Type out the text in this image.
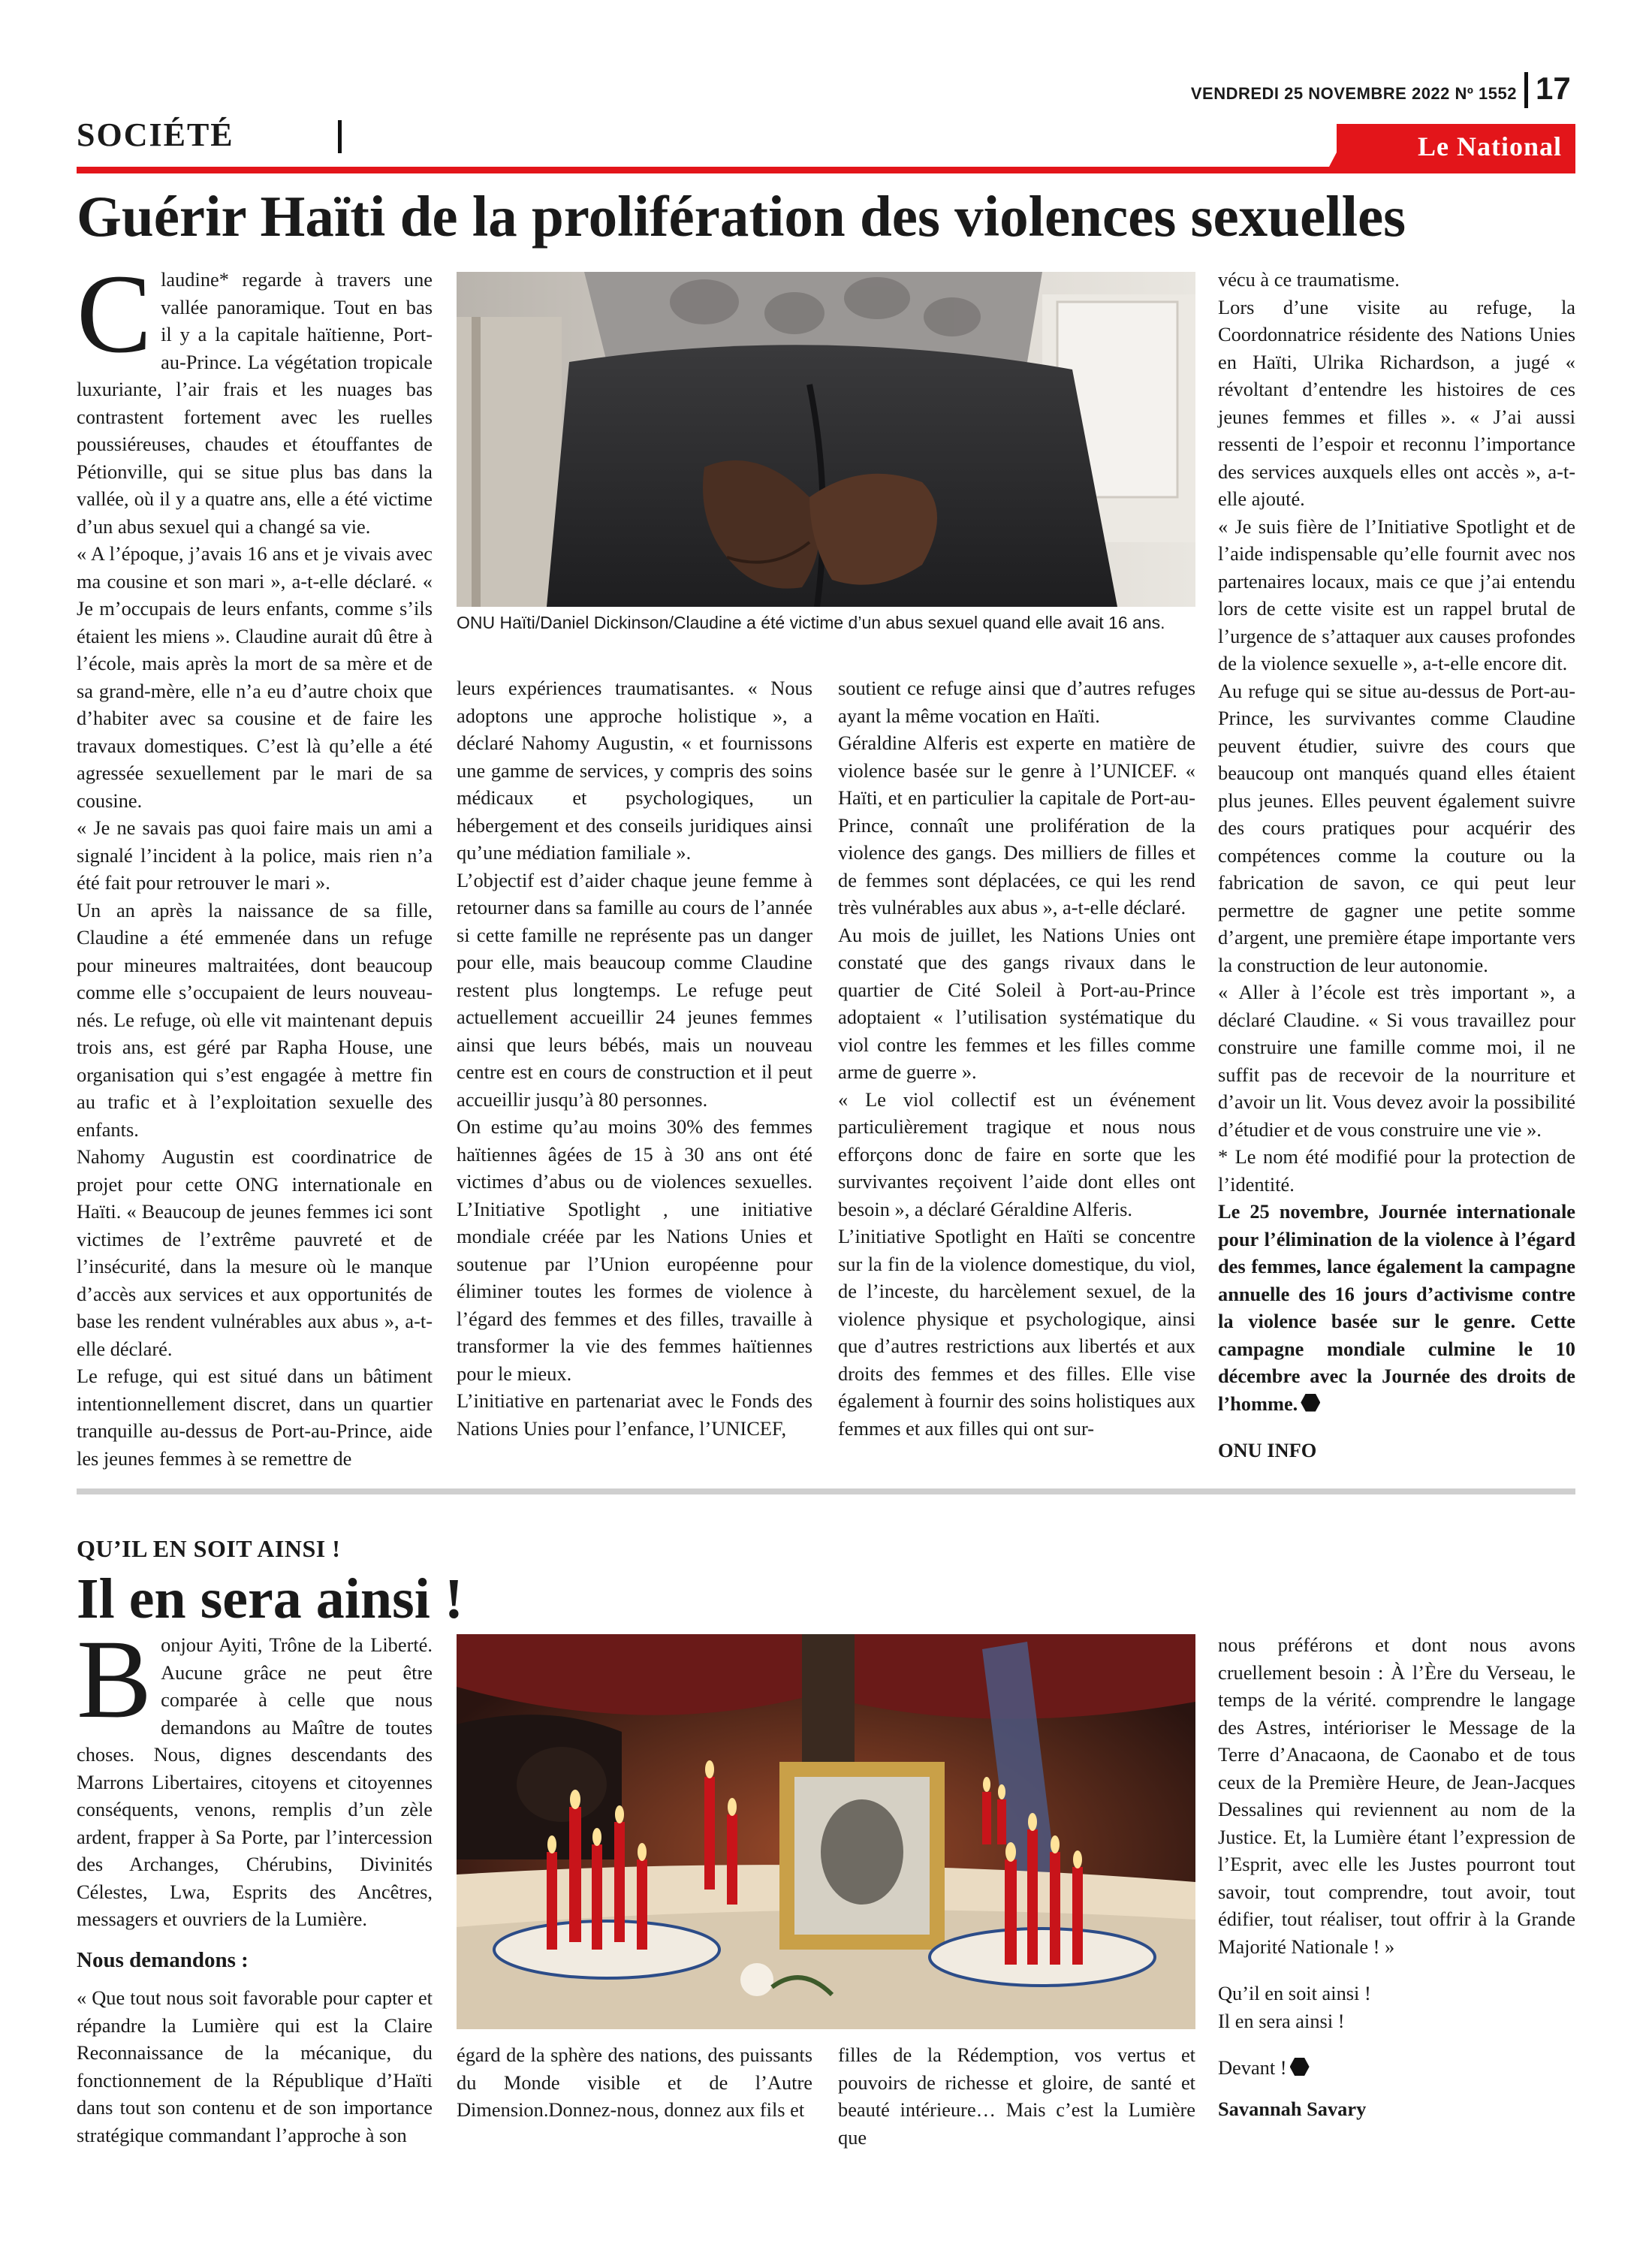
VENDREDI 25 NOVEMBRE 2022 Nº 1552 17
SOCIÉTÉ	Le National
Guérir Haïti de la prolifération des violences sexuelles
C laudine* regarde à travers une vallée panoramique. Tout en bas il y a la capitale haïtienne, Port-au-Prince. La végétation tropicale luxuriante, l’air frais et les nuages bas contrastent fortement avec les ruelles poussiéreuses, chaudes et étouffantes de Pétionville, qui se situe plus bas dans la vallée, où il y a quatre ans, elle a été victime d’un abus sexuel qui a changé sa vie.

« A l’époque, j’avais 16 ans et je vivais avec ma cousine et son mari », a-t-elle déclaré. « Je m’occupais de leurs enfants, comme s’ils étaient les miens ». Claudine aurait dû être à l’école, mais après la mort de sa mère et de sa grand-mère, elle n’a eu d’autre choix que d’habiter avec sa cousine et de faire les travaux domestiques. C’est là qu’elle a été agressée sexuellement par le mari de sa cousine.

« Je ne savais pas quoi faire mais un ami a signalé l’incident à la police, mais rien n’a été fait pour retrouver le mari ».

Un an après la naissance de sa fille, Claudine a été emmenée dans un refuge pour mineures maltraitées, dont beaucoup comme elle s’occupaient de leurs nouveau-nés. Le refuge, où elle vit maintenant depuis trois ans, est géré par Rapha House, une organisation qui s’est engagée à mettre fin au trafic et à l’exploitation sexuelle des enfants.

Nahomy Augustin est coordinatrice de projet pour cette ONG internationale en Haïti. « Beaucoup de jeunes femmes ici sont victimes de l’extrême pauvreté et de l’insécurité, dans la mesure où le manque d’accès aux services et aux opportunités de base les rendent vulnérables aux abus », a-t-elle déclaré.

Le refuge, qui est situé dans un bâtiment intentionnellement discret, dans un quartier tranquille au-dessus de Port-au-Prince, aide les jeunes femmes à se remettre de

ONU Haïti/Daniel Dickinson/Claudine a été victime d’un abus sexuel quand elle avait 16 ans.

leurs expériences traumatisantes. « Nous adoptons une approche holistique », a déclaré Nahomy Augustin, « et fournissons une gamme de services, y compris des soins médicaux et psychologiques, un hébergement et des conseils juridiques ainsi qu’une médiation familiale ».

L’objectif est d’aider chaque jeune femme à retourner dans sa famille au cours de l’année si cette famille ne représente pas un danger pour elle, mais beaucoup comme Claudine restent plus longtemps. Le refuge peut actuellement accueillir 24 jeunes femmes ainsi que leurs bébés, mais un nouveau centre est en cours de construction et il peut accueillir jusqu’à 80 personnes.

On estime qu’au moins 30% des femmes haïtiennes âgées de 15 à 30 ans ont été victimes d’abus ou de violences sexuelles. L’Initiative Spotlight , une initiative mondiale créée par les Nations Unies et soutenue par l’Union européenne pour éliminer toutes les formes de violence à l’égard des femmes et des filles, travaille à transformer la vie des femmes haïtiennes pour le mieux.

L’initiative en partenariat avec le Fonds des Nations Unies pour l’enfance, l’UNICEF,

soutient ce refuge ainsi que d’autres refuges ayant la même vocation en Haïti.

Géraldine Alferis est experte en matière de violence basée sur le genre à l’UNICEF. « Haïti, et en particulier la capitale de Port-au-Prince, connaît une prolifération de la violence des gangs. Des milliers de filles et de femmes sont déplacées, ce qui les rend très vulnérables aux abus », a-t-elle déclaré.

Au mois de juillet, les Nations Unies ont constaté que des gangs rivaux dans le quartier de Cité Soleil à Port-au-Prince adoptaient « l’utilisation systématique du viol contre les femmes et les filles comme arme de guerre ».

« Le viol collectif est un événement particulièrement tragique et nous nous efforçons donc de faire en sorte que les survivantes reçoivent l’aide dont elles ont besoin », a déclaré Géraldine Alferis.

L’initiative Spotlight en Haïti se concentre sur la fin de la violence domestique, du viol, de l’inceste, du harcèlement sexuel, de la violence physique et psychologique, ainsi que d’autres restrictions aux libertés et aux droits des femmes et des filles. Elle vise également à fournir des soins holistiques aux femmes et aux filles qui ont sur-

vécu à ce traumatisme.

Lors d’une visite au refuge, la Coordonnatrice résidente des Nations Unies en Haïti, Ulrika Richardson, a jugé « révoltant d’entendre les histoires de ces jeunes femmes et filles ». « J’ai aussi ressenti de l’espoir et reconnu l’importance des services auxquels elles ont accès », a-t-elle ajouté.

« Je suis fière de l’Initiative Spotlight et de l’aide indispensable qu’elle fournit avec nos partenaires locaux, mais ce que j’ai entendu lors de cette visite est un rappel brutal de l’urgence de s’attaquer aux causes profondes de la violence sexuelle », a-t-elle encore dit.

Au refuge qui se situe au-dessus de Port-au-Prince, les survivantes comme Claudine peuvent étudier, suivre des cours que beaucoup ont manqués quand elles étaient plus jeunes. Elles peuvent également suivre des cours pratiques pour acquérir des compétences comme la couture ou la fabrication de savon, ce qui peut leur permettre de gagner une petite somme d’argent, une première étape importante vers la construction de leur autonomie.

« Aller à l’école est très important », a déclaré Claudine. « Si vous travaillez pour construire une famille comme moi, il ne suffit pas de recevoir de la nourriture et d’avoir un lit. Vous devez avoir la possibilité d’étudier et de vous construire une vie ».

* Le nom été modifié pour la protection de l’identité.

Le 25 novembre, Journée internationale pour l’élimination de la violence à l’égard des femmes, lance également la campagne annuelle des 16 jours d’activisme contre la violence basée sur le genre. Cette campagne mondiale culmine le 10 décembre avec la Journée des droits de l’homme.

ONU INFO

QU’IL EN SOIT AINSI !
Il en sera ainsi !
B onjour Ayiti, Trône de la Liberté. Aucune grâce ne peut être comparée à celle que nous demandons au Maître de toutes choses. Nous, dignes descendants des Marrons Libertaires, citoyens et citoyennes conséquents, venons, remplis d’un zèle ardent, frapper à Sa Porte, par l’intercession des Archanges, Chérubins, Divinités Célestes, Lwa, Esprits des Ancêtres, messagers et ouvriers de la Lumière.

Nous demandons :

« Que tout nous soit favorable pour capter et répandre la Lumière qui est la Claire Reconnaissance de la mécanique, du fonctionnement de la République d’Haïti dans tout son contenu et de son importance stratégique commandant l’approche à son

égard de la sphère des nations, des puissants du Monde visible et de l’Autre Dimension.Donnez-nous, donnez aux fils et

filles de la Rédemption, vos vertus et pouvoirs de richesse et gloire, de santé et beauté intérieure… Mais c’est la Lumière que

nous préférons et dont nous avons cruellement besoin : À l’Ère du Verseau, le temps de la vérité. comprendre le langage des Astres, intérioriser le Message de la Terre d’Anacaona, de Caonabo et de tous ceux de la Première Heure, de Jean-Jacques Dessalines qui reviennent au nom de la Justice. Et, la Lumière étant l’expression de l’Esprit, avec elle les Justes pourront tout savoir, tout comprendre, tout avoir, tout édifier, tout réaliser, tout offrir à la Grande Majorité Nationale ! »

Qu’il en soit ainsi !

Il en sera ainsi !

Devant !

Savannah Savary
